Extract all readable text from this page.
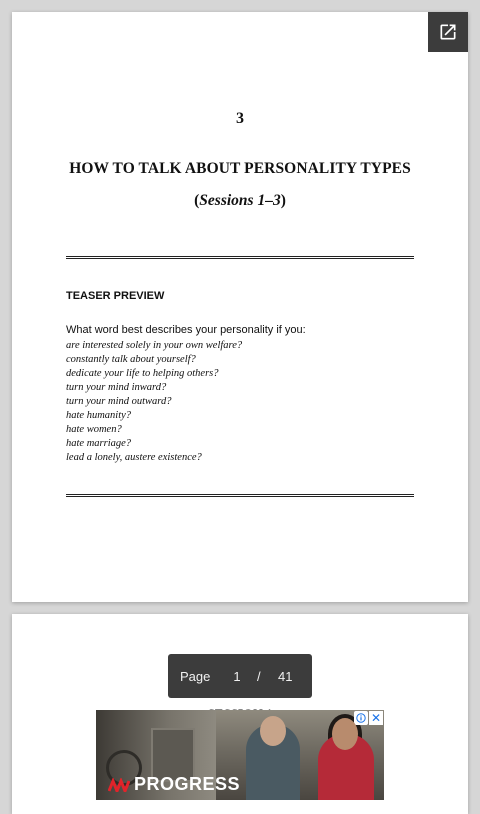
3
HOW TO TALK ABOUT PERSONALITY TYPES
(Sessions 1–3)
TEASER PREVIEW
What word best describes your personality if you:
are interested solely in your own welfare?
constantly talk about yourself?
dedicate your life to helping others?
turn your mind inward?
turn your mind outward?
hate humanity?
hate women?
hate marriage?
lead a lonely, austere existence?
Page 1 / 41
PROGRESS
✕
